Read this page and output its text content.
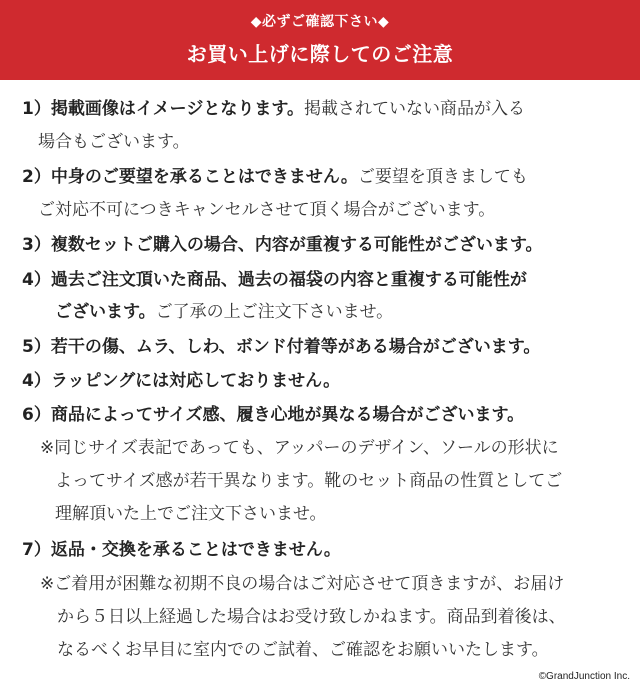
◆必ずご確認下さい◆
お買い上げに際してのご注意
1）掲載画像はイメージとなります。掲載されていない商品が入る
場合もございます。
2）中身のご要望を承ることはできません。ご要望を頂きましても
ご対応不可につきキャンセルさせて頂く場合がございます。
3）複数セットご購入の場合、内容が重複する可能性がございます。
4）過去ご注文頂いた商品、過去の福袋の内容と重複する可能性が
ございます。ご了承の上ご注文下さいませ。
5）若干の傷、ムラ、しわ、ボンド付着等がある場合がございます。
4）ラッピングには対応しておりません。
6）商品によってサイズ感、履き心地が異なる場合がございます。
※同じサイズ表記であっても、アッパーのデザイン、ソールの形状に
よってサイズ感が若干異なります。靴のセット商品の性質としてご
理解頂いた上でご注文下さいませ。
7）返品・交換を承ることはできません。
※ご着用が困難な初期不良の場合はご対応させて頂きますが、お届け
から５日以上経過した場合はお受け致しかねます。商品到着後は、
なるべくお早目に室内でのご試着、ご確認をお願いいたします。
©GrandJunction Inc.
